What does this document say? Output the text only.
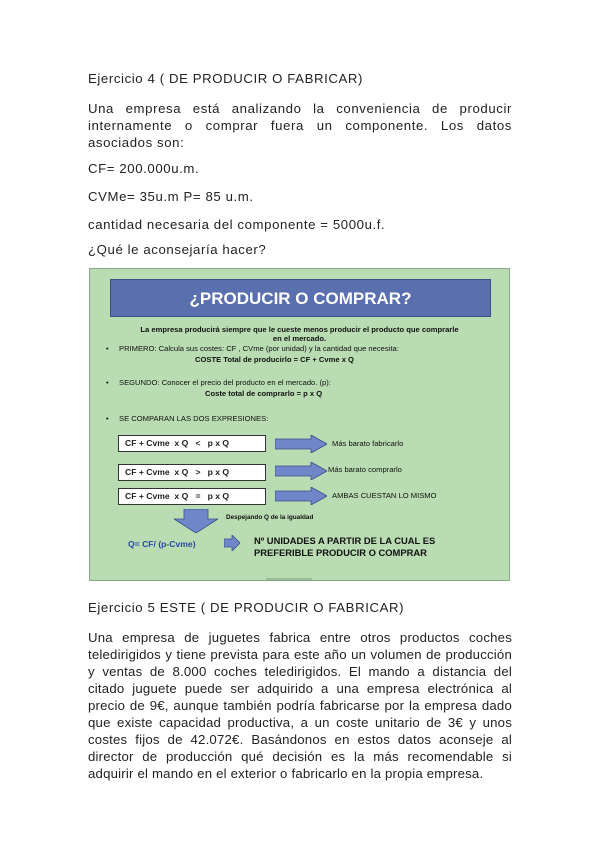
Ejercicio 4 ( DE PRODUCIR O FABRICAR)
Una empresa está analizando la conveniencia de producir internamente o comprar fuera un componente. Los datos asociados son:
CF= 200.000u.m.
CVMe= 35u.m P= 85 u.m.
cantidad necesaria del componente = 5000u.f.
¿Qué le aconsejaría hacer?
¿PRODUCIR O COMPRAR?
La empresa producirá siempre que le cueste menos producir el producto que comprarle
en el mercado.
• PRIMERO: Calcula sus costes: CF , CVme (por unidad) y la cantidad que necesita:
COSTE Total de producirlo = CF + Cvme x Q
• SEGUNDO: Conocer el precio del producto en el mercado. (p):
Coste total de comprarlo = p x Q
• SE COMPARAN LAS DOS EXPRESIONES:
CF + Cvme  x Q   <   p x Q	Más barato fabricarlo
CF + Cvme  x Q   >   p x Q	Más barato comprarlo
CF + Cvme  x Q   =   p x Q	AMBAS CUESTAN LO MISMO
Despejando Q de la igualdad
Q= CF/ (p-Cvme)	Nº UNIDADES A PARTIR DE LA CUAL ES
PREFERIBLE PRODUCIR O COMPRAR
Ejercicio 5 ESTE ( DE PRODUCIR O FABRICAR)
Una empresa de juguetes fabrica entre otros productos coches teledirigidos y tiene prevista para este año un volumen de producción y ventas de 8.000 coches teledirigidos. El mando a distancia del citado juguete puede ser adquirido a una empresa electrónica al precio de 9€, aunque también podría fabricarse por la empresa dado que existe capacidad productiva, a un coste unitario de 3€ y unos costes fijos de 42.072€. Basándonos en estos datos aconseje al director de producción qué decisión es la más recomendable si adquirir el mando en el exterior o fabricarlo en la propia empresa.
